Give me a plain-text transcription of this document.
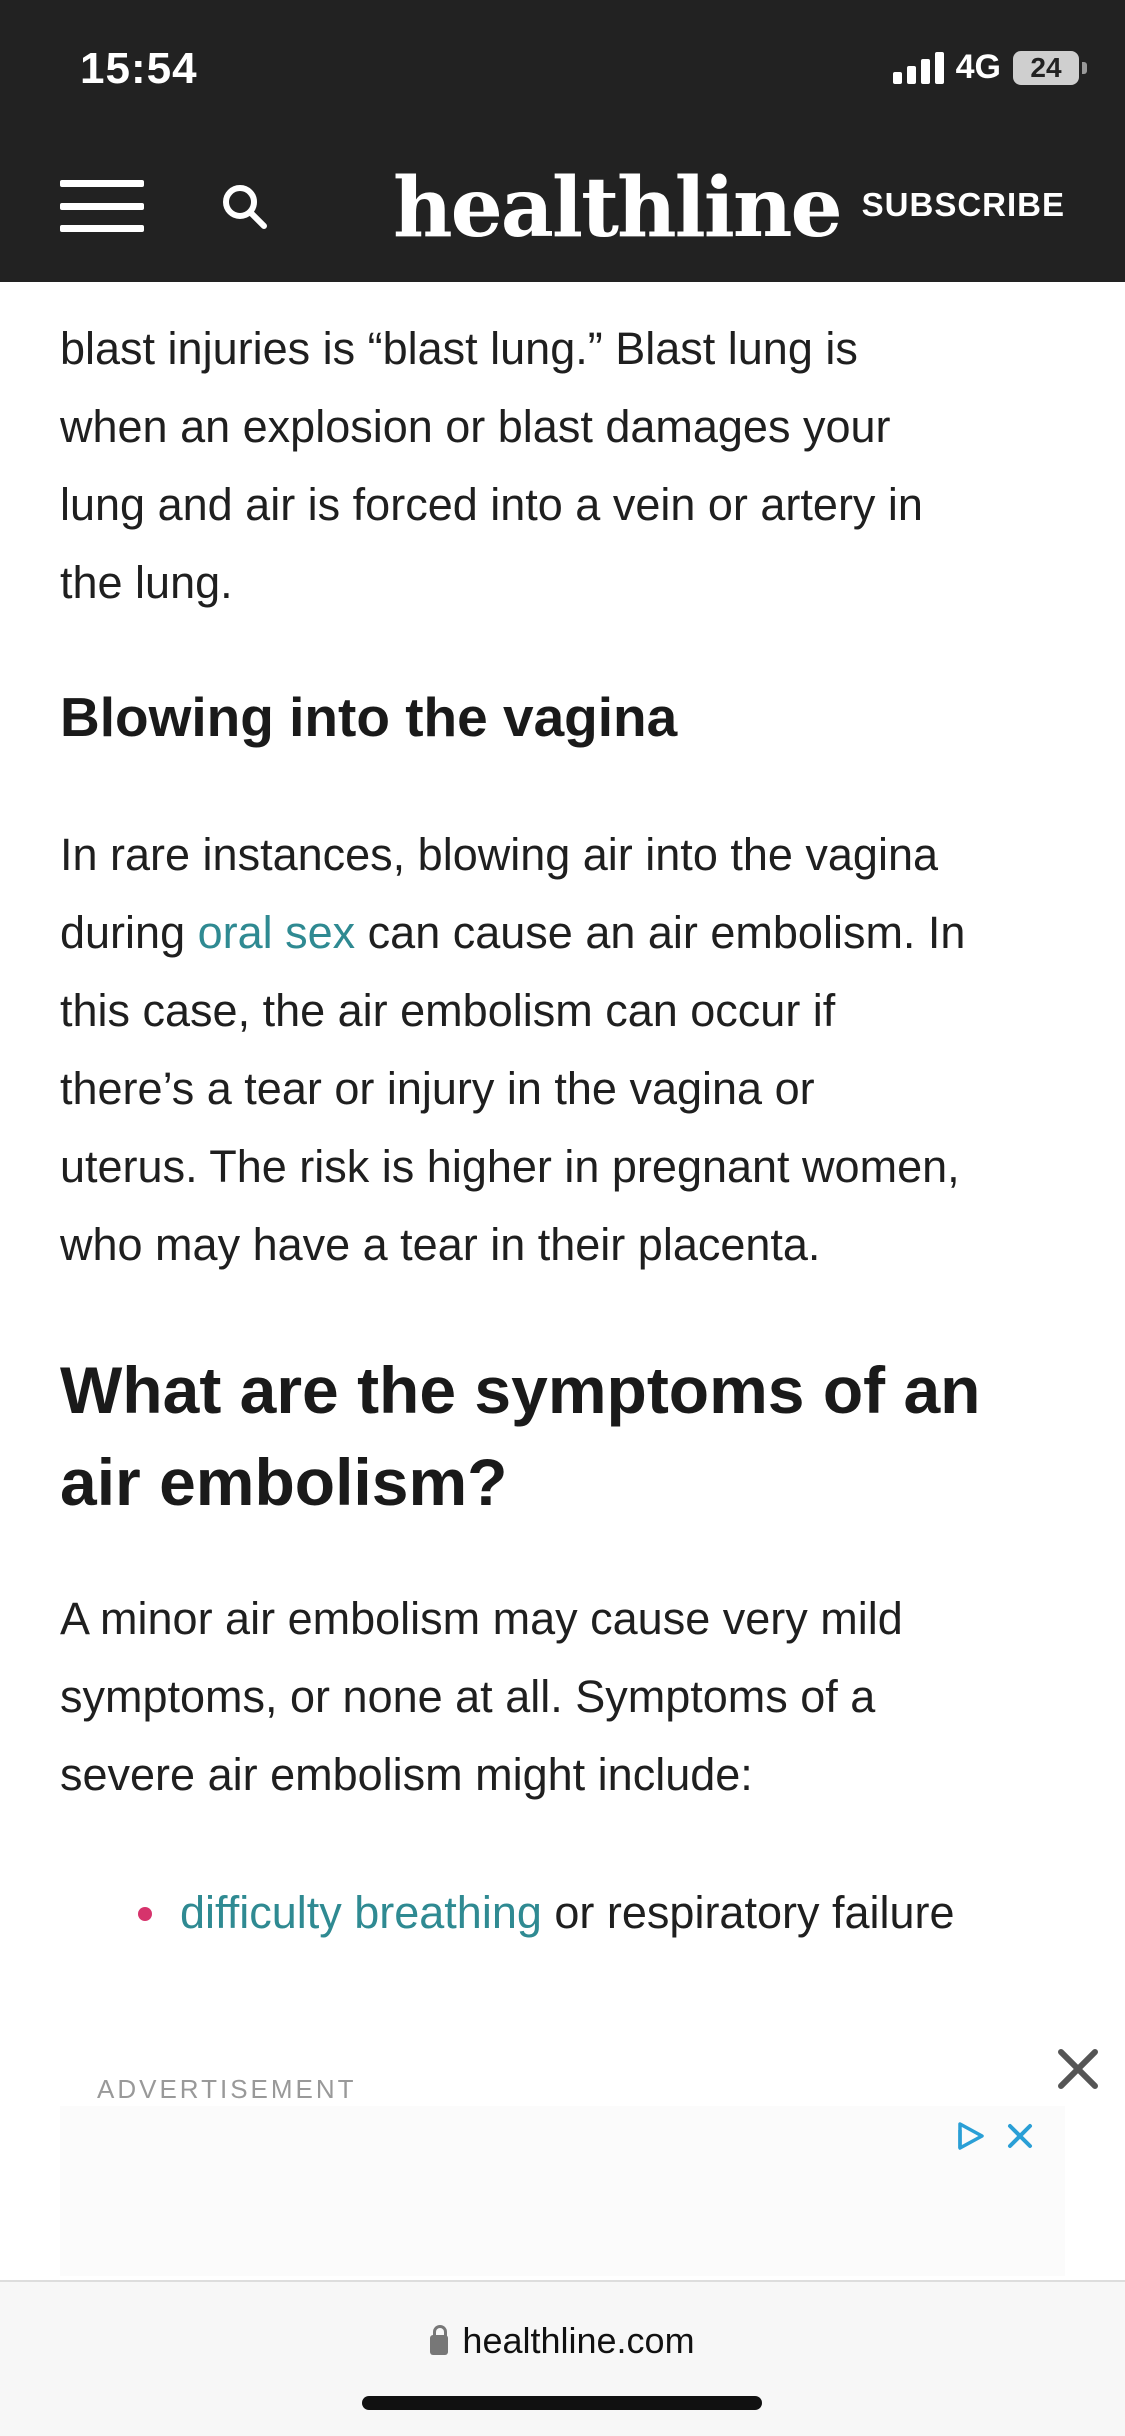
15:54	4G 24
healthline SUBSCRIBE
blast injuries is “blast lung.” Blast lung is
when an explosion or blast damages your
lung and air is forced into a vein or artery in
the lung.
Blowing into the vagina
In rare instances, blowing air into the vagina
during oral sex can cause an air embolism. In
this case, the air embolism can occur if
there’s a tear or injury in the vagina or
uterus. The risk is higher in pregnant women,
who may have a tear in their placenta.
What are the symptoms of an
air embolism?
A minor air embolism may cause very mild
symptoms, or none at all. Symptoms of a
severe air embolism might include:
difficulty breathing or respiratory failure
ADVERTISEMENT
healthline.com
